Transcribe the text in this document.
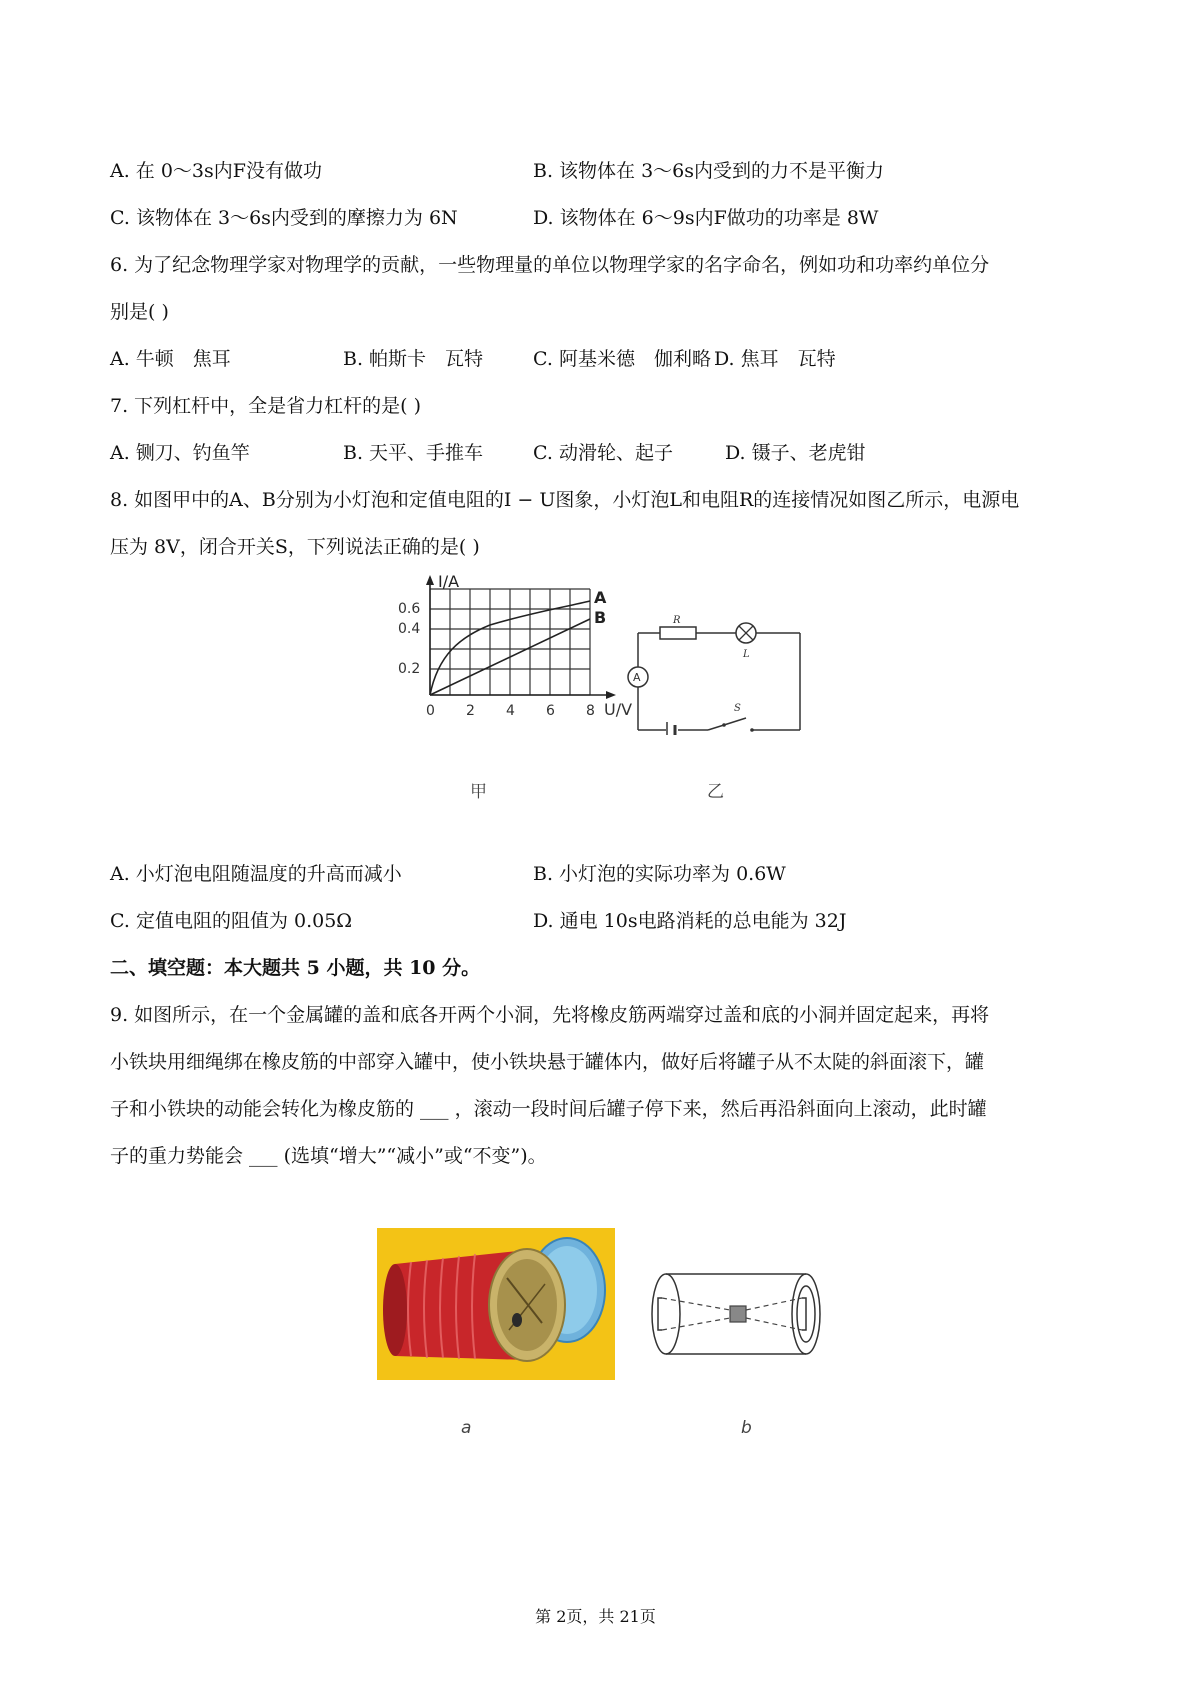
A. 在 0～3s内F没有做功	B. 该物体在 3～6s内受到的力不是平衡力
C. 该物体在 3～6s内受到的摩擦力为 6N	D. 该物体在 6～9s内F做功的功率是 8W
6. 为了纪念物理学家对物理学的贡献，一些物理量的单位以物理学家的名字命名，例如功和功率约单位分
别是( )
A. 牛顿　焦耳	B. 帕斯卡　瓦特	C. 阿基米德　伽利略 D. 焦耳　瓦特
7. 下列杠杆中，全是省力杠杆的是( )
A. 铡刀、钓鱼竿	B. 天平、手推车	C. 动滑轮、起子	D. 镊子、老虎钳
8. 如图甲中的A、B分别为小灯泡和定值电阻的I − U图象，小灯泡L和电阻R的连接情况如图乙所示，电源电
压为 8V，闭合开关S，下列说法正确的是( )
I/A
0.6
0.4
0.2
0 2 4 6 8 U/V
A
B
甲
R
L
A
S
乙
A. 小灯泡电阻随温度的升高而减小	B. 小灯泡的实际功率为 0.6W
C. 定值电阻的阻值为 0.05Ω	D. 通电 10s电路消耗的总电能为 32J
二、填空题：本大题共 5 小题，共 10 分。
9. 如图所示，在一个金属罐的盖和底各开两个小洞，先将橡皮筋两端穿过盖和底的小洞并固定起来，再将
小铁块用细绳绑在橡皮筋的中部穿入罐中，使小铁块悬于罐体内，做好后将罐子从不太陡的斜面滚下，罐
子和小铁块的动能会转化为橡皮筋的 ___ ，滚动一段时间后罐子停下来，然后再沿斜面向上滚动，此时罐
子的重力势能会 ___ (选填“增大”“减小”或“不变”)。
a	b
第 2页，共 21页
